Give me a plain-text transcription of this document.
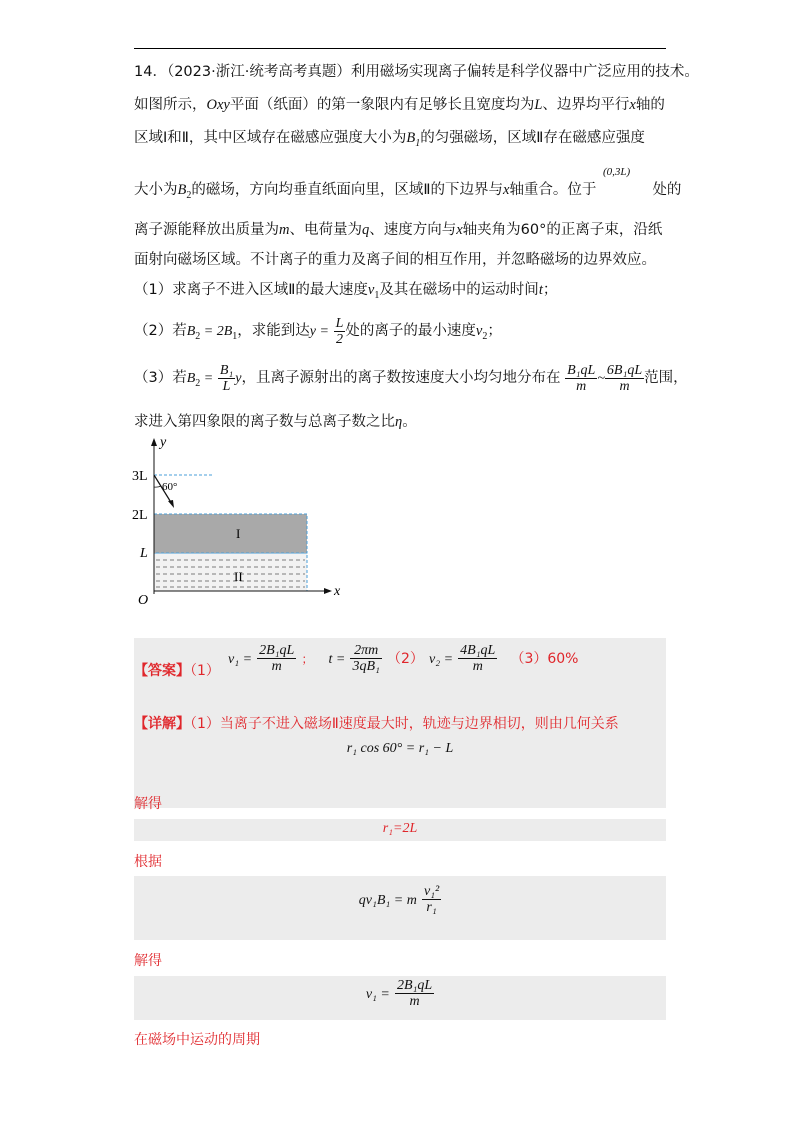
14．（2023·浙江·统考高考真题）利用磁场实现离子偏转是科学仪器中广泛应用的技术。
如图所示，Oxy平面（纸面）的第一象限内有足够长且宽度均为L、边界均平行x轴的
区域Ⅰ和Ⅱ，其中区域存在磁感应强度大小为$B_1$的匀强磁场，区域Ⅱ存在磁感应强度
(0,3L)
大小为$B_2$的磁场，方向均垂直纸面向里，区域Ⅱ的下边界与x轴重合。位于	处的
离子源能释放出质量为m、电荷量为q、速度方向与x轴夹角为60°的正离子束，沿纸
面射向磁场区域。不计离子的重力及离子间的相互作用，并忽略磁场的边界效应。
（1）求离子不进入区域Ⅱ的最大速度$v_1$及其在磁场中的运动时间t；
（2）若$B_2 = 2B_1$，求能到达$y = \frac{L}{2}$ 处的离子的最小速度$v_2$；
（3）若$B_2 = \frac{\text{B₁}}{L}$ y，且离子源射出的离子数按速度大小均匀地分布在 $\frac{\text{B₁qL}}{m}$ ~ $\frac{\text{6B₁qL}}{m}$ 范围，
求进入第四象限的离子数与总离子数之比η。
y
x
O
3L
2L
L
60°
I
II
【答案】（1）
$v_1 = \frac{\text{2B₁qL}}{m}$ ； $t = \frac{2\pi m}{\text{3qB₁}} (2) v_2 = \frac{\text{4B₁qL}}{m} (3)60\%$
【详解】（1）当离子不进入磁场Ⅱ速度最大时，轨迹与边界相切，则由几何关系
r₁ cos 60° = r₁ − L
解得
r₁=2L
根据
qv₁B₁ = m $\frac{\text{v₁²}}{\text{r₁}}$
解得
$v_1 = \frac{\text{2B₁qL}}{m}$
在磁场中运动的周期
